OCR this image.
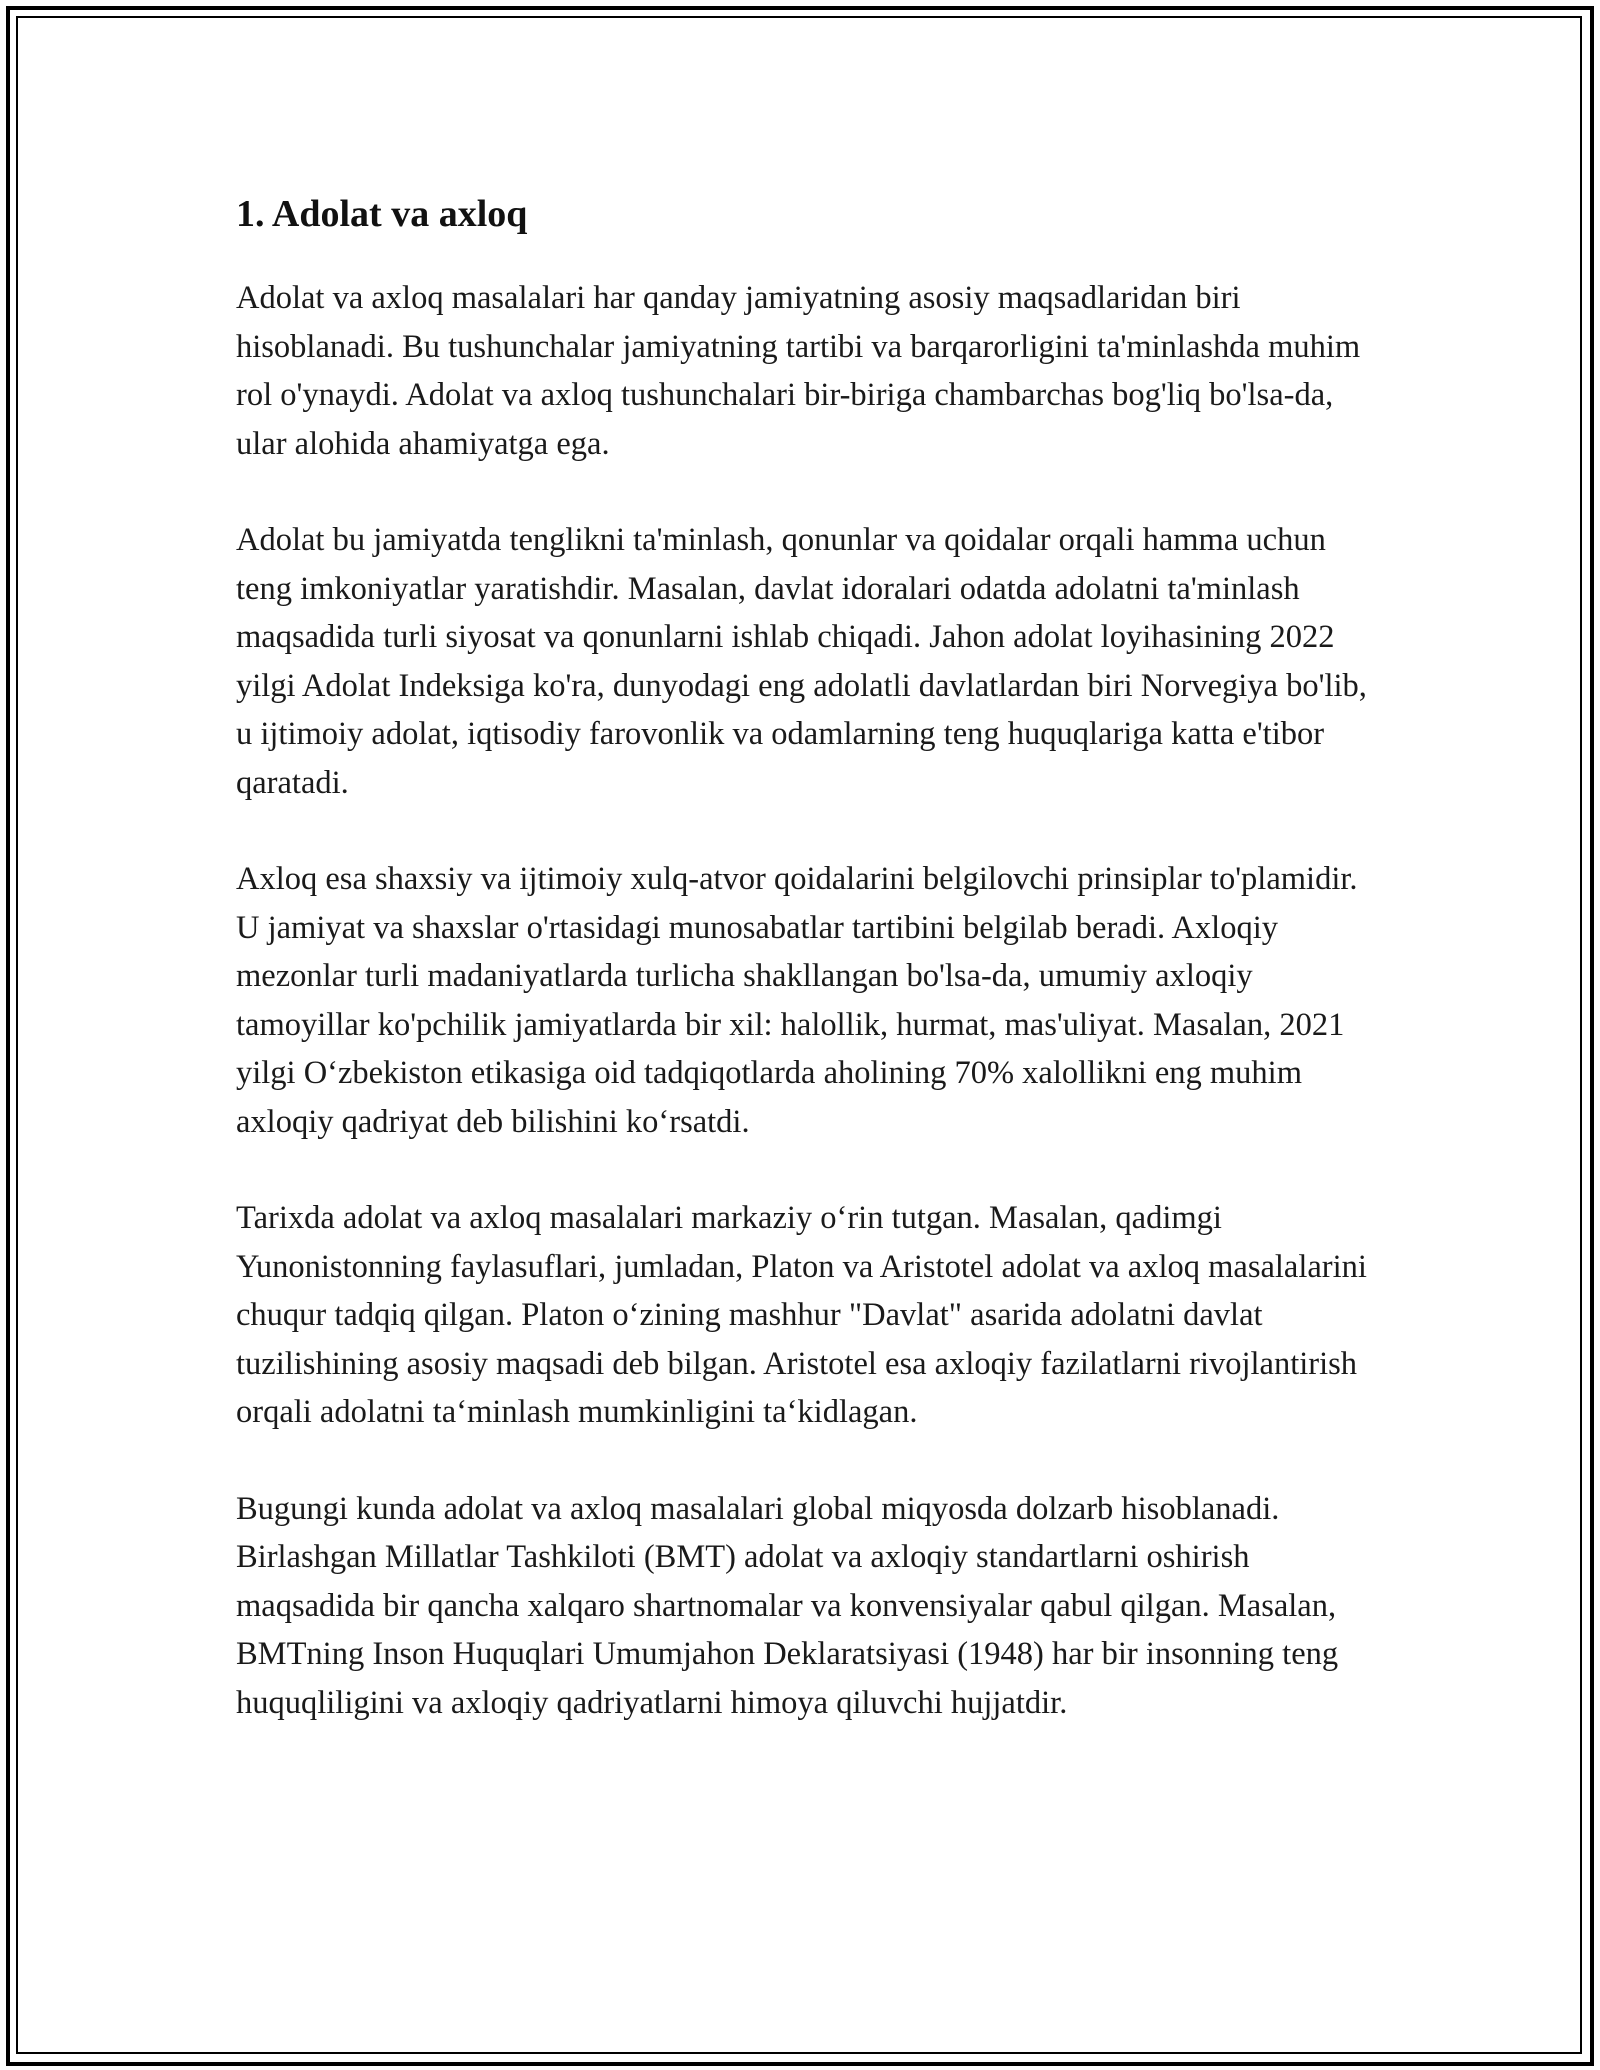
1. Adolat va axloq

Adolat va axloq masalalari har qanday jamiyatning asosiy maqsadlaridan biri hisoblanadi. Bu tushunchalar jamiyatning tartibi va barqarorligini ta'minlashda muhim rol o'ynaydi. Adolat va axloq tushunchalari bir-biriga chambarchas bog'liq bo'lsa-da, ular alohida ahamiyatga ega.

Adolat bu jamiyatda tenglikni ta'minlash, qonunlar va qoidalar orqali hamma uchun teng imkoniyatlar yaratishdir. Masalan, davlat idoralari odatda adolatni ta'minlash maqsadida turli siyosat va qonunlarni ishlab chiqadi. Jahon adolat loyihasining 2022 yilgi Adolat Indeksiga ko'ra, dunyodagi eng adolatli davlatlardan biri Norvegiya bo'lib, u ijtimoiy adolat, iqtisodiy farovonlik va odamlarning teng huquqlariga katta e'tibor qaratadi.

Axloq esa shaxsiy va ijtimoiy xulq-atvor qoidalarini belgilovchi prinsiplar to'plamidir. U jamiyat va shaxslar o'rtasidagi munosabatlar tartibini belgilab beradi. Axloqiy mezonlar turli madaniyatlarda turlicha shakllangan bo'lsa-da, umumiy axloqiy tamoyillar ko'pchilik jamiyatlarda bir xil: halollik, hurmat, mas'uliyat. Masalan, 2021 yilgi O‘zbekiston etikasiga oid tadqiqotlarda aholining 70% xalollikni eng muhim axloqiy qadriyat deb bilishini ko‘rsatdi.

Tarixda adolat va axloq masalalari markaziy o‘rin tutgan. Masalan, qadimgi Yunonistonning faylasuflari, jumladan, Platon va Aristotel adolat va axloq masalalarini chuqur tadqiq qilgan. Platon o‘zining mashhur "Davlat" asarida adolatni davlat tuzilishining asosiy maqsadi deb bilgan. Aristotel esa axloqiy fazilatlarni rivojlantirish orqali adolatni ta‘minlash mumkinligini ta‘kidlagan.

Bugungi kunda adolat va axloq masalalari global miqyosda dolzarb hisoblanadi. Birlashgan Millatlar Tashkiloti (BMT) adolat va axloqiy standartlarni oshirish maqsadida bir qancha xalqaro shartnomalar va konvensiyalar qabul qilgan. Masalan, BMTning Inson Huquqlari Umumjahon Deklaratsiyasi (1948) har bir insonning teng huquqliligini va axloqiy qadriyatlarni himoya qiluvchi hujjatdir.
